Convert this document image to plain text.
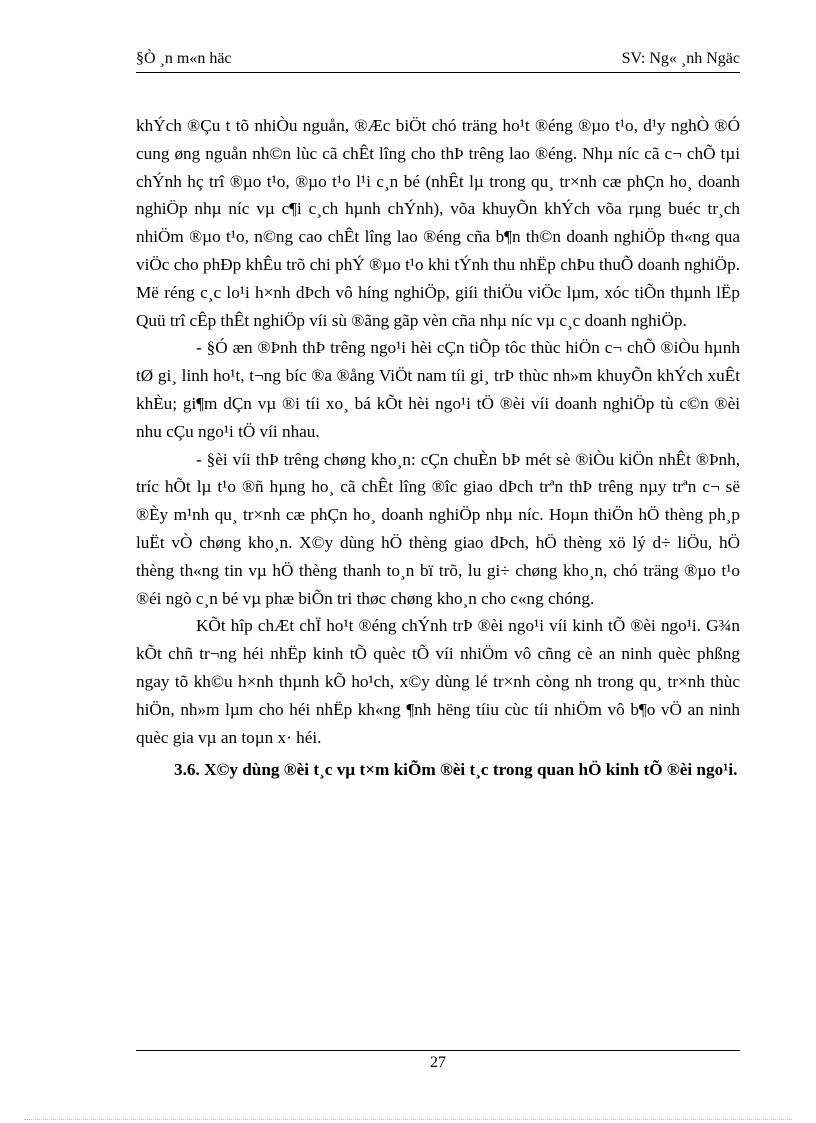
§Ò ¸n m«n häc	SV: Ng« ¸nh Ngäc

khÝch ®Çu t tõ nhiÒu nguån, ®Æc biÖt chó träng ho¹t ®éng ®µo t¹o, d¹y nghÒ ®Ó cung øng nguån nh©n lùc cã chÊt lîng cho thÞ trêng lao ®éng. Nhµ níc cã c¬ chÕ tµi chÝnh hç trî ®µo t¹o, ®µo t¹o l¹i c¸n bé (nhÊt lµ trong qu¸ tr×nh cæ phÇn ho¸ doanh nghiÖp nhµ níc vµ c¶i c¸ch hµnh chÝnh), võa khuyÕn khÝch võa rµng buéc tr¸ch nhiÖm ®µo t¹o, n©ng cao chÊt lîng lao ®éng cña b¶n th©n doanh nghiÖp th«ng qua viÖc cho phÐp khÊu trõ chi phÝ ®µo t¹o khi tÝnh thu nhËp chÞu thuÕ doanh nghiÖp. Më réng c¸c lo¹i h×nh dÞch vô híng nghiÖp, giíi thiÖu viÖc lµm, xóc tiÕn thµnh lËp Quü trî cÊp thÊt nghiÖp víi sù ®ãng gãp vèn cña nhµ níc vµ c¸c doanh nghiÖp.

- §Ó æn ®Þnh thÞ trêng ngo¹i hèi cÇn tiÕp tôc thùc hiÖn c¬ chÕ ®iÒu hµnh tØ gi¸ linh ho¹t, t¬ng bíc ®a ®ång ViÖt nam tíi gi¸ trÞ thùc nh»m khuyÕn khÝch xuÊt khÈu; gi¶m dÇn vµ ®i tíi xo¸ bá kÕt hèi ngo¹i tÖ ®èi víi doanh nghiÖp tù c©n ®èi nhu cÇu ngo¹i tÖ víi nhau.

- §èi víi thÞ trêng chøng kho¸n: cÇn chuÈn bÞ mét sè ®iÒu kiÖn nhÊt ®Þnh, tríc hÕt lµ t¹o ®ñ hµng ho¸ cã chÊt lîng ®îc giao dÞch trªn thÞ trêng nµy trªn c¬ së ®Èy m¹nh qu¸ tr×nh cæ phÇn ho¸ doanh nghiÖp nhµ níc. Hoµn thiÖn hÖ thèng ph¸p luËt vÒ chøng kho¸n. X©y dùng hÖ thèng giao dÞch, hÖ thèng xö lý d÷ liÖu, hÖ thèng th«ng tin vµ hÖ thèng thanh to¸n bï trõ, lu gi÷ chøng kho¸n, chó träng ®µo t¹o ®éi ngò c¸n bé vµ phæ biÕn tri thøc chøng kho¸n cho c«ng chóng.

KÕt hîp chÆt chÏ ho¹t ®éng chÝnh trÞ ®èi ngo¹i víi kinh tÕ ®èi ngo¹i. G¾n kÕt chñ tr¬ng héi nhËp kinh tÕ quèc tÕ víi nhiÖm vô cñng cè an ninh quèc phßng ngay tõ kh©u h×nh thµnh kÕ ho¹ch, x©y dùng lé tr×nh còng nh trong qu¸ tr×nh thùc hiÖn, nh»m lµm cho héi nhËp kh«ng ¶nh hëng tíiu cùc tíi nhiÖm vô b¶o vÖ an ninh quèc gia vµ an toµn x· héi.

3.6. X©y dùng ®èi t¸c vµ t×m kiÕm ®èi t¸c trong quan hÖ kinh tÕ ®èi ngo¹i.

27
